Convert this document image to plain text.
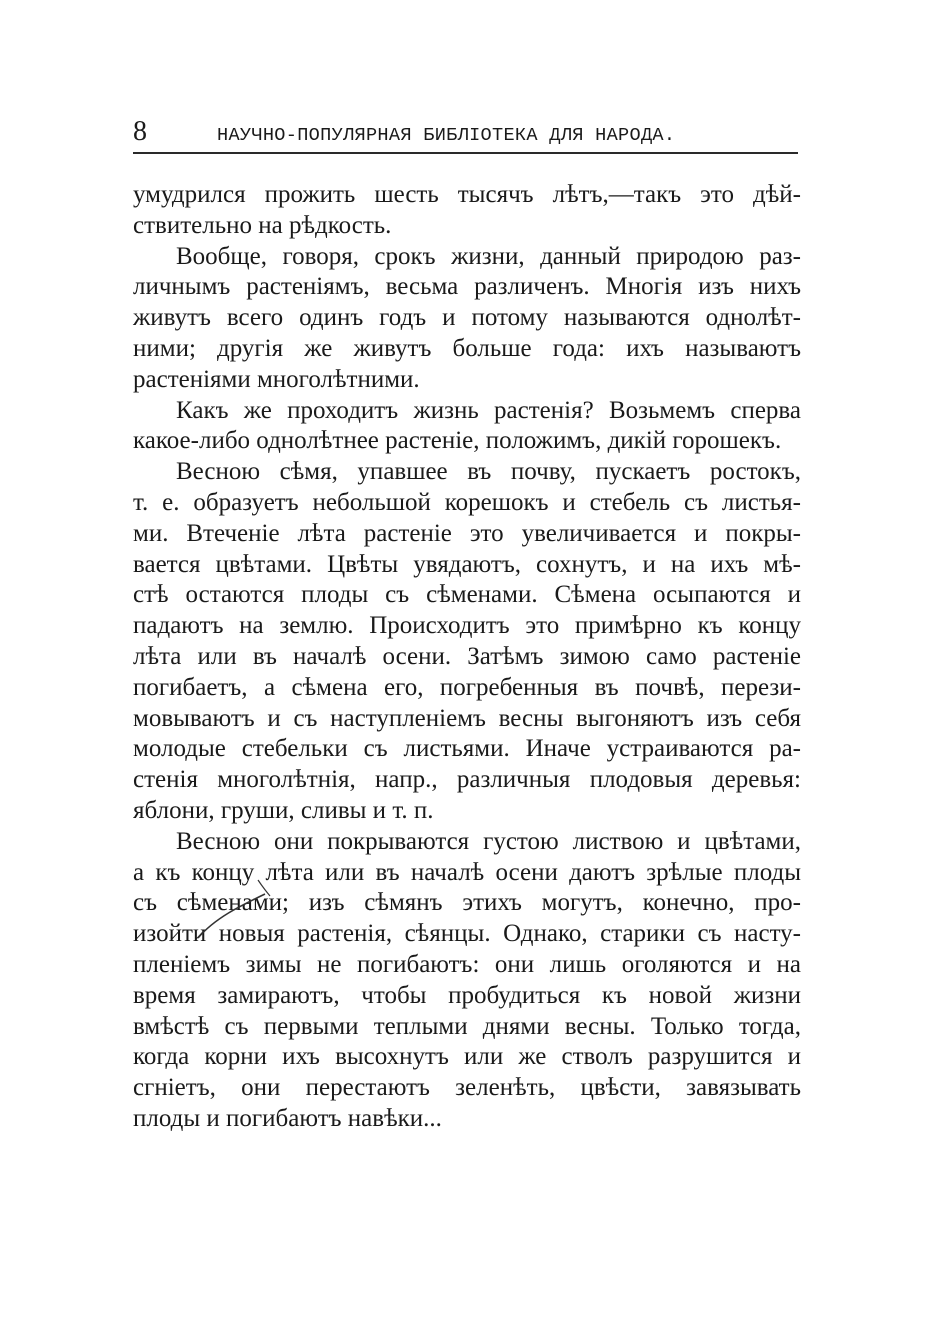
8	НАУЧНО-ПОПУЛЯРНАЯ БИБЛIОТЕКА ДЛЯ НАРОДА.

умудрился прожить шесть тысячъ лѣтъ,—такъ это дѣй-
ствительно на рѣдкость.

Вообще, говоря, срокъ жизни, данный природою раз-
личнымъ растенiямъ, весьма различенъ. Многiя изъ нихъ
живутъ всего одинъ годъ и потому называются однолѣт-
ними; другiя же живутъ больше года: ихъ называютъ
растенiями многолѣтними.

Какъ же проходитъ жизнь растенiя? Возьмемъ сперва
какое-либо однолѣтнее растенiе, положимъ, дикiй горошекъ.

Весною сѣмя, упавшее въ почву, пускаетъ ростокъ,
т. е. образуетъ небольшой корешокъ и стебель съ листья-
ми. Втеченiе лѣта растенiе это увеличивается и покры-
вается цвѣтами. Цвѣты увядаютъ, сохнутъ, и на ихъ мѣ-
стѣ остаются плоды съ сѣменами. Сѣмена осыпаются и
падаютъ на землю. Происходитъ это примѣрно къ концу
лѣта или въ началѣ осени. Затѣмъ зимою само растенiе
погибаетъ, а сѣмена его, погребенныя въ почвѣ, перези-
мовываютъ и съ наступленiемъ весны выгоняютъ изъ себя
молодые стебельки съ листьями. Иначе устраиваются ра-
стенiя многолѣтнiя, напр., различныя плодовыя деревья:
яблони, груши, сливы и т. п.

Весною они покрываются густою листвою и цвѣтами,
а къ концу лѣта или въ началѣ осени даютъ зрѣлые плоды
съ сѣменами; изъ сѣмянъ этихъ могутъ, конечно, про-
изойти новыя растенiя, сѣянцы. Однако, старики съ насту-
пленiемъ зимы не погибаютъ: они лишь оголяются и на
время замираютъ, чтобы пробудиться къ новой жизни
вмѣстѣ съ первыми теплыми днями весны. Только тогда,
когда корни ихъ высохнутъ или же стволъ разрушится и
сгнiетъ, они перестаютъ зеленѣть, цвѣсти, завязывать
плоды и погибаютъ навѣки...
